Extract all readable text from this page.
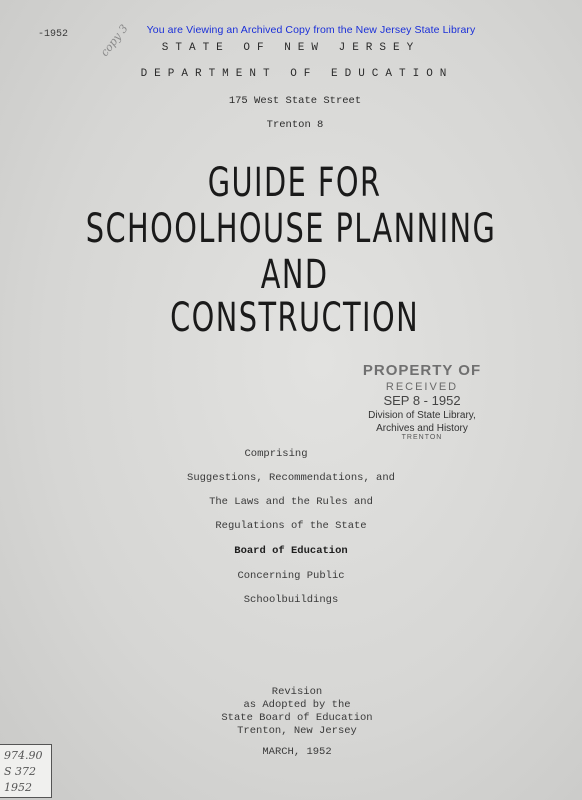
You are Viewing an Archived Copy from the New Jersey State Library
-1952	copy 3	STATE OF NEW JERSEY
DEPARTMENT OF EDUCATION
175 West State Street
Trenton 8
GUIDE FOR
SCHOOLHOUSE PLANNING
AND
CONSTRUCTION
PROPERTY OF
RECEIVED
SEP 8 - 1952
Division of State Library,
Archives and History
TRENTON
Comprising
Suggestions, Recommendations, and
The Laws and the Rules and
Regulations of the State
Board of Education
Concerning Public
Schoolbuildings
Revision
as Adopted by the
State Board of Education
Trenton, New Jersey
MARCH, 1952
974.90
S 372
1952
